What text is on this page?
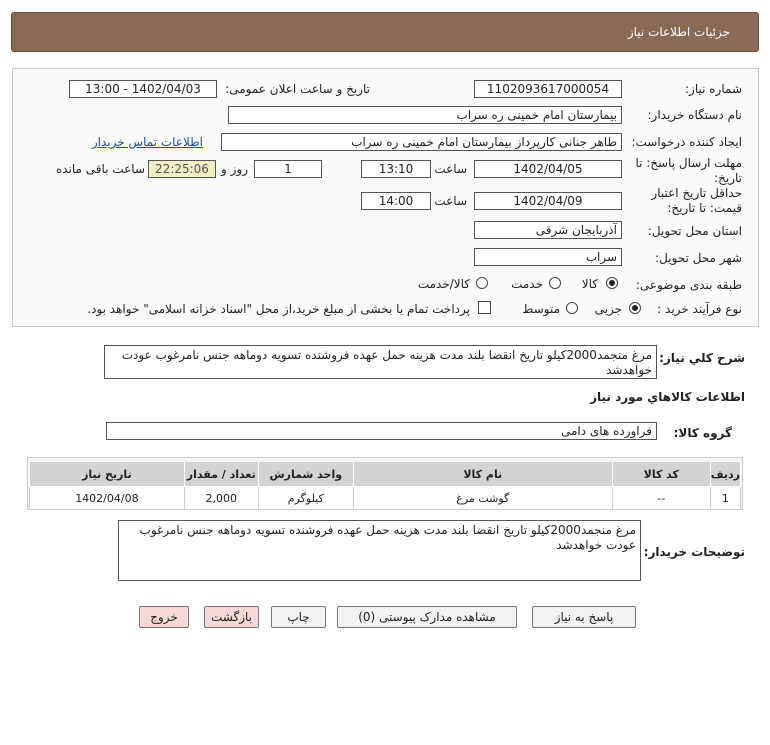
جزئیات اطلاعات نیاز
شماره نیاز:
1102093617000054
تاریخ و ساعت اعلان عمومی:
1402/04/03 - 13:00
نام دستگاه خریدار:
بیمارستان امام خمینی ره سراب
ایجاد کننده درخواست:
طاهر جنانی کارپرداز بیمارستان امام خمینی ره سراب
اطلاعات تماس خریدار
مهلت ارسال پاسخ: تا
تاریخ:
1402/04/05
ساعت
13:10
1
روز و
22:25:06
ساعت باقی مانده
حداقل تاریخ اعتبار
قیمت: تا تاریخ:
1402/04/09
ساعت
14:00
استان محل تحویل:
آذربایجان شرقی
شهر محل تحویل:
سراب
طبقه بندی موضوعی:
کالا
خدمت
کالا/خدمت
نوع فرآیند خرید :
جزیی
متوسط
پرداخت تمام یا بخشی از مبلغ خرید،از محل "اسناد خزانه اسلامی" خواهد بود.
شرح کلي نياز:
مرغ منجمد2000کیلو تاریخ انقضا بلند مدت هزینه حمل عهده فروشنده تسویه دوماهه جنس نامرغوب عودت خواهدشد
اطلاعات کالاهاي مورد نياز
گروه کالا:
فراورده های دامی
ردیف	کد کالا	نام کالا	واحد شمارش	تعداد / مقدار	تاریخ نیاز
1	--	گوشت مرغ	کیلوگرم	2,000	1402/04/08
توضیحات خریدار:
مرغ منجمد2000کیلو تاریخ انقضا بلند مدت هزینه حمل عهده فروشنده تسویه دوماهه جنس نامرغوب عودت خواهدشد
پاسخ به نیاز
مشاهده مدارک پیوستی (0)
چاپ
بازگشت
خروج
